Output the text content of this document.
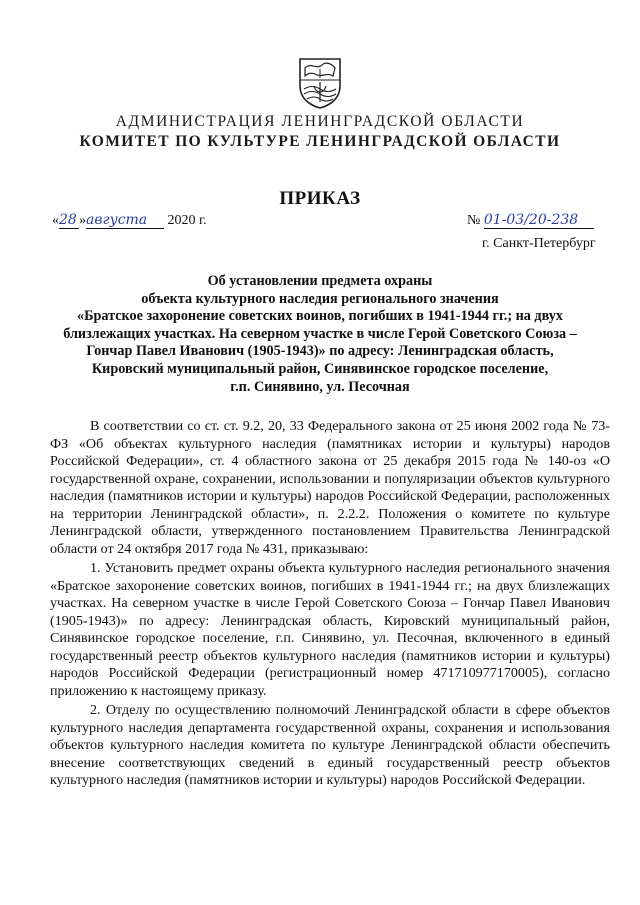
АДМИНИСТРАЦИЯ ЛЕНИНГРАДСКОЙ ОБЛАСТИ
КОМИТЕТ ПО КУЛЬТУРЕ ЛЕНИНГРАДСКОЙ ОБЛАСТИ
ПРИКАЗ
«28 »августа 2020 г.	№ 01-03/20-238
г. Санкт-Петербург
Об установлении предмета охраны
объекта культурного наследия регионального значения
«Братское захоронение советских воинов, погибших в 1941-1944 гг.; на двух
близлежащих участках. На северном участке в числе Герой Советского Союза –
Гончар Павел Иванович (1905-1943)» по адресу: Ленинградская область,
Кировский муниципальный район, Синявинское городское поселение,
г.п. Синявино, ул. Песочная

В соответствии со ст. ст. 9.2, 20, 33 Федерального закона от 25 июня 2002 года № 73-ФЗ «Об объектах культурного наследия (памятниках истории и культуры) народов Российской Федерации», ст. 4 областного закона от 25 декабря 2015 года № 140-оз «О государственной охране, сохранении, использовании и популяризации объектов культурного наследия (памятников истории и культуры) народов Российской Федерации, расположенных на территории Ленинградской области», п. 2.2.2. Положения о комитете по культуре Ленинградской области, утвержденного постановлением Правительства Ленинградской области от 24 октября 2017 года № 431, приказываю:

1. Установить предмет охраны объекта культурного наследия регионального значения «Братское захоронение советских воинов, погибших в 1941-1944 гг.; на двух близлежащих участках. На северном участке в числе Герой Советского Союза – Гончар Павел Иванович (1905-1943)» по адресу: Ленинградская область, Кировский муниципальный район, Синявинское городское поселение, г.п. Синявино, ул. Песочная, включенного в единый государственный реестр объектов культурного наследия (памятников истории и культуры) народов Российской Федерации (регистрационный номер 471710977170005), согласно приложению к настоящему приказу.

2. Отделу по осуществлению полномочий Ленинградской области в сфере объектов культурного наследия департамента государственной охраны, сохранения и использования объектов культурного наследия комитета по культуре Ленинградской области обеспечить внесение соответствующих сведений в единый государственный реестр объектов культурного наследия (памятников истории и культуры) народов Российской Федерации.
